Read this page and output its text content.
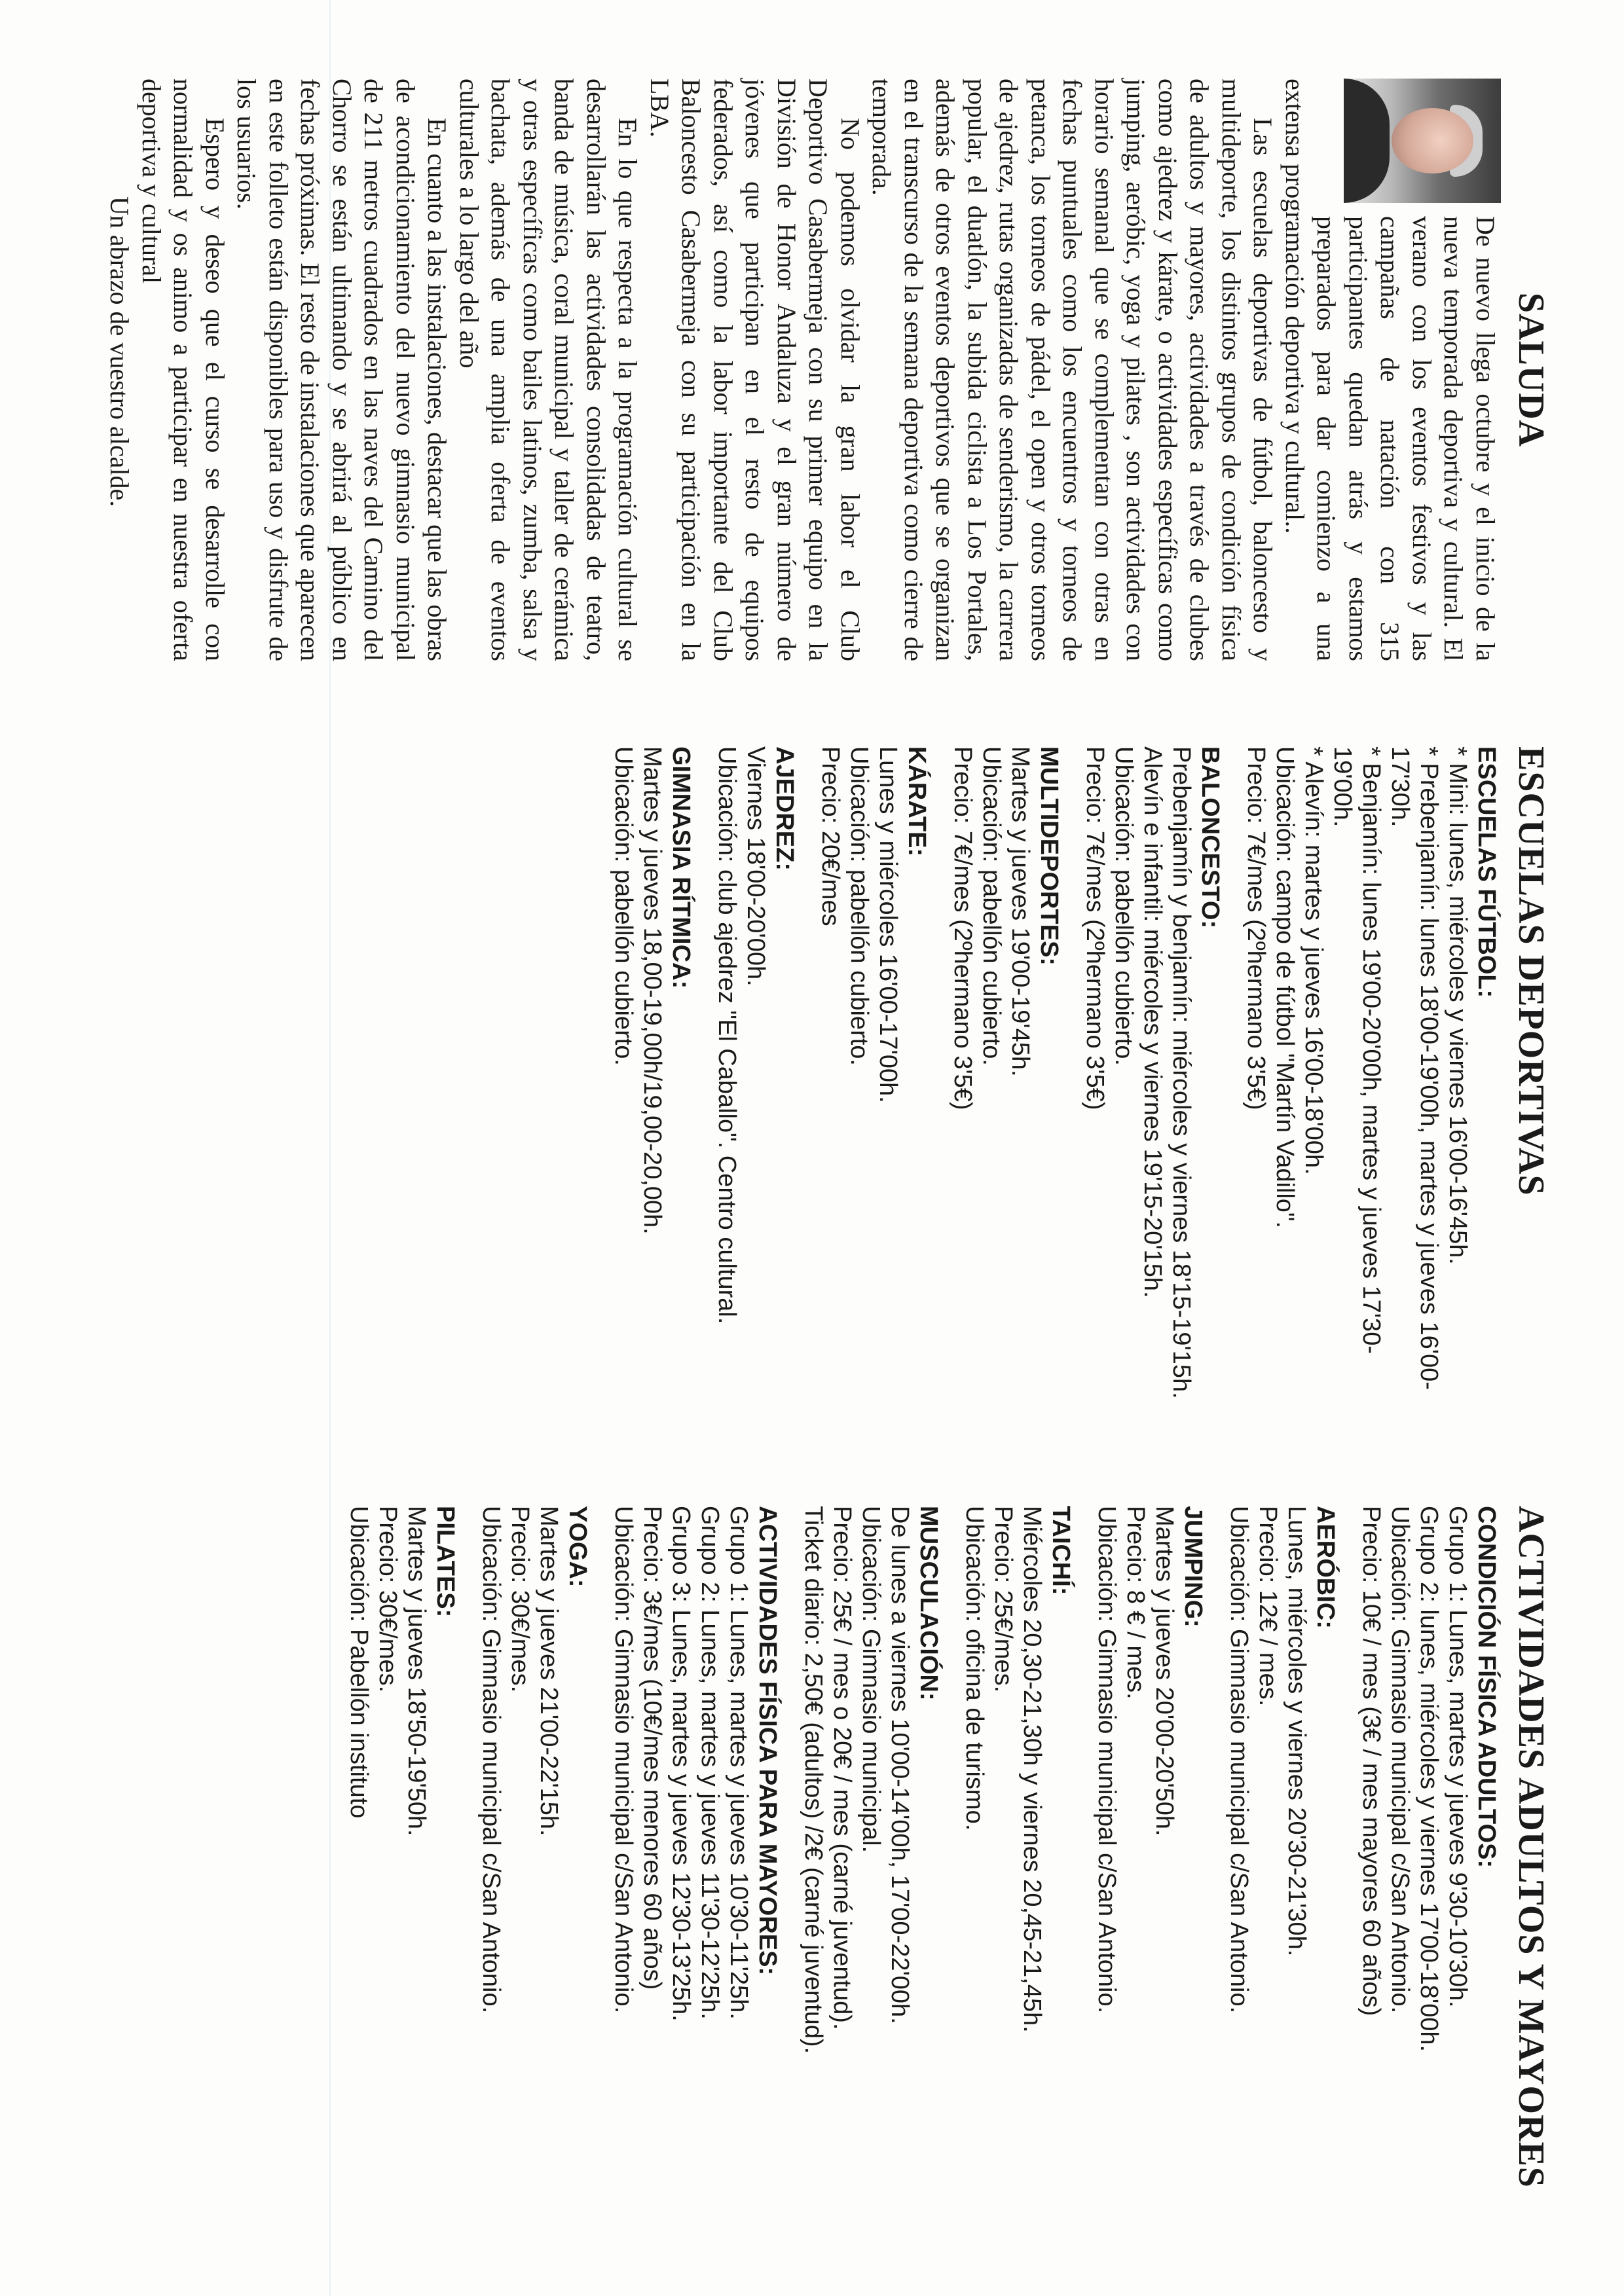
SALUDA

De nuevo llega octubre y el inicio de la nueva temporada deportiva y cultural. El verano con los eventos festivos y las campañas de natación con 315 participantes quedan atrás y estamos preparados para dar comienzo a una extensa programación deportiva y cultural..

Las escuelas deportivas de fútbol, baloncesto y multideporte, los distintos grupos de condición física de adultos y mayores, actividades a través de clubes como ajedrez y kárate, o actividades específicas como jumping, aeróbic, yoga y pilates , son actividades con horario semanal que se complementan con otras en fechas puntuales como los encuentros y torneos de petanca, los torneos de pádel, el open y otros torneos de ajedrez, rutas organizadas de senderismo, la carrera popular, el duatlón, la subida ciclista a Los Portales, además de otros eventos deportivos que se organizan en el transcurso de la semana deportiva como cierre de temporada.

No podemos olvidar la gran labor el Club Deportivo Casabermeja con su primer equipo en la División de Honor Andaluza y el gran número de jóvenes que participan en el resto de equipos federados, así como la labor importante del Club Baloncesto Casabermeja con su participación en la LBA.

En lo que respecta a la programación cultural se desarrollarán las actividades consolidadas de teatro, banda de música, coral municipal y taller de cerámica y otras específicas como bailes latinos, zumba, salsa y bachata, además de una amplia oferta de eventos culturales a lo largo del año

En cuanto a las instalaciones, destacar que las obras de acondicionamiento del nuevo gimnasio municipal de 211 metros cuadrados en las naves del Camino del Chorro se están ultimando y se abrirá al público en fechas próximas. El resto de instalaciones que aparecen en este folleto están disponibles para uso y disfrute de los usuarios.

Espero y deseo que el curso se desarrolle con normalidad y os animo a participar en nuestra oferta deportiva y cultural

Un abrazo de vuestro alcalde.

ESCUELAS DEPORTIVAS
ESCUELAS FÚTBOL:
* Mini: lunes, miércoles y viernes 16'00-16'45h.
* Prebenjamín: lunes 18'00-19'00h, martes y jueves 16'00-17'30h.
* Benjamín: lunes 19'00-20'00h, martes y jueves 17'30-19'00h.
* Alevín: martes y jueves 16'00-18'00h.
Ubicación: campo de fútbol "Martín Vadillo".
Precio: 7€/mes (2ºhermano 3'5€)
BALONCESTO:
Prebenjamín y benjamín: miércoles y viernes 18'15-19'15h.
Alevín e infantil: miércoles y viernes 19'15-20'15h.
Ubicación: pabellón cubierto.
Precio: 7€/mes (2ºhermano 3'5€)
MULTIDEPORTES:
Martes y jueves 19'00-19'45h.
Ubicación: pabellón cubierto.
Precio: 7€/mes (2ºhermano 3'5€)
KÁRATE:
Lunes y miércoles 16'00-17'00h.
Ubicación: pabellón cubierto.
Precio: 20€/mes
AJEDREZ:
Viernes 18'00-20'00h.
Ubicación: club ajedrez "El Caballo". Centro cultural.
GIMNASIA RÍTMICA:
Martes y jueves 18,00-19,00h/19,00-20,00h.
Ubicación: pabellón cubierto.
ACTIVIDADES ADULTOS Y MAYORES
CONDICIÓN FÍSICA ADULTOS:
Grupo 1: Lunes, martes y jueves 9'30-10'30h.
Grupo 2: lunes, miércoles y viernes 17'00-18'00h.
Ubicación: Gimnasio municipal c/San Antonio.
Precio: 10€ / mes (3€ / mes mayores 60 años)
AERÓBIC:
Lunes, miércoles y viernes 20'30-21'30h.
Precio: 12€ / mes.
Ubicación: Gimnasio municipal c/San Antonio.
JUMPING:
Martes y jueves 20'00-20'50h.
Precio: 8 € / mes.
Ubicación: Gimnasio municipal c/San Antonio.
TAICHÍ:
Miércoles 20,30-21,30h y viernes 20,45-21,45h.
Precio: 25€/mes.
Ubicación: oficina de turismo.
MUSCULACIÓN:
De lunes a viernes 10'00-14'00h, 17'00-22'00h.
Ubicación: Gimnasio municipal.
Precio: 25€ / mes o 20€ / mes (carné juventud).
Ticket diario: 2,50€ (adultos) /2€ (carné juventud).
ACTIVIDADES FÍSICA PARA MAYORES:
Grupo 1: Lunes, martes y jueves 10'30-11'25h.
Grupo 2: Lunes, martes y jueves 11'30-12'25h.
Grupo 3: Lunes, martes y jueves 12'30-13'25h.
Precio: 3€/mes (10€/mes menores 60 años)
Ubicación: Gimnasio municipal c/San Antonio.
YOGA:
Martes y jueves 21'00-22'15h.
Precio: 30€/mes.
Ubicación: Gimnasio municipal c/San Antonio.
PILATES:
Martes y jueves 18'50-19'50h.
Precio: 30€/mes.
Ubicación: Pabellón instituto
